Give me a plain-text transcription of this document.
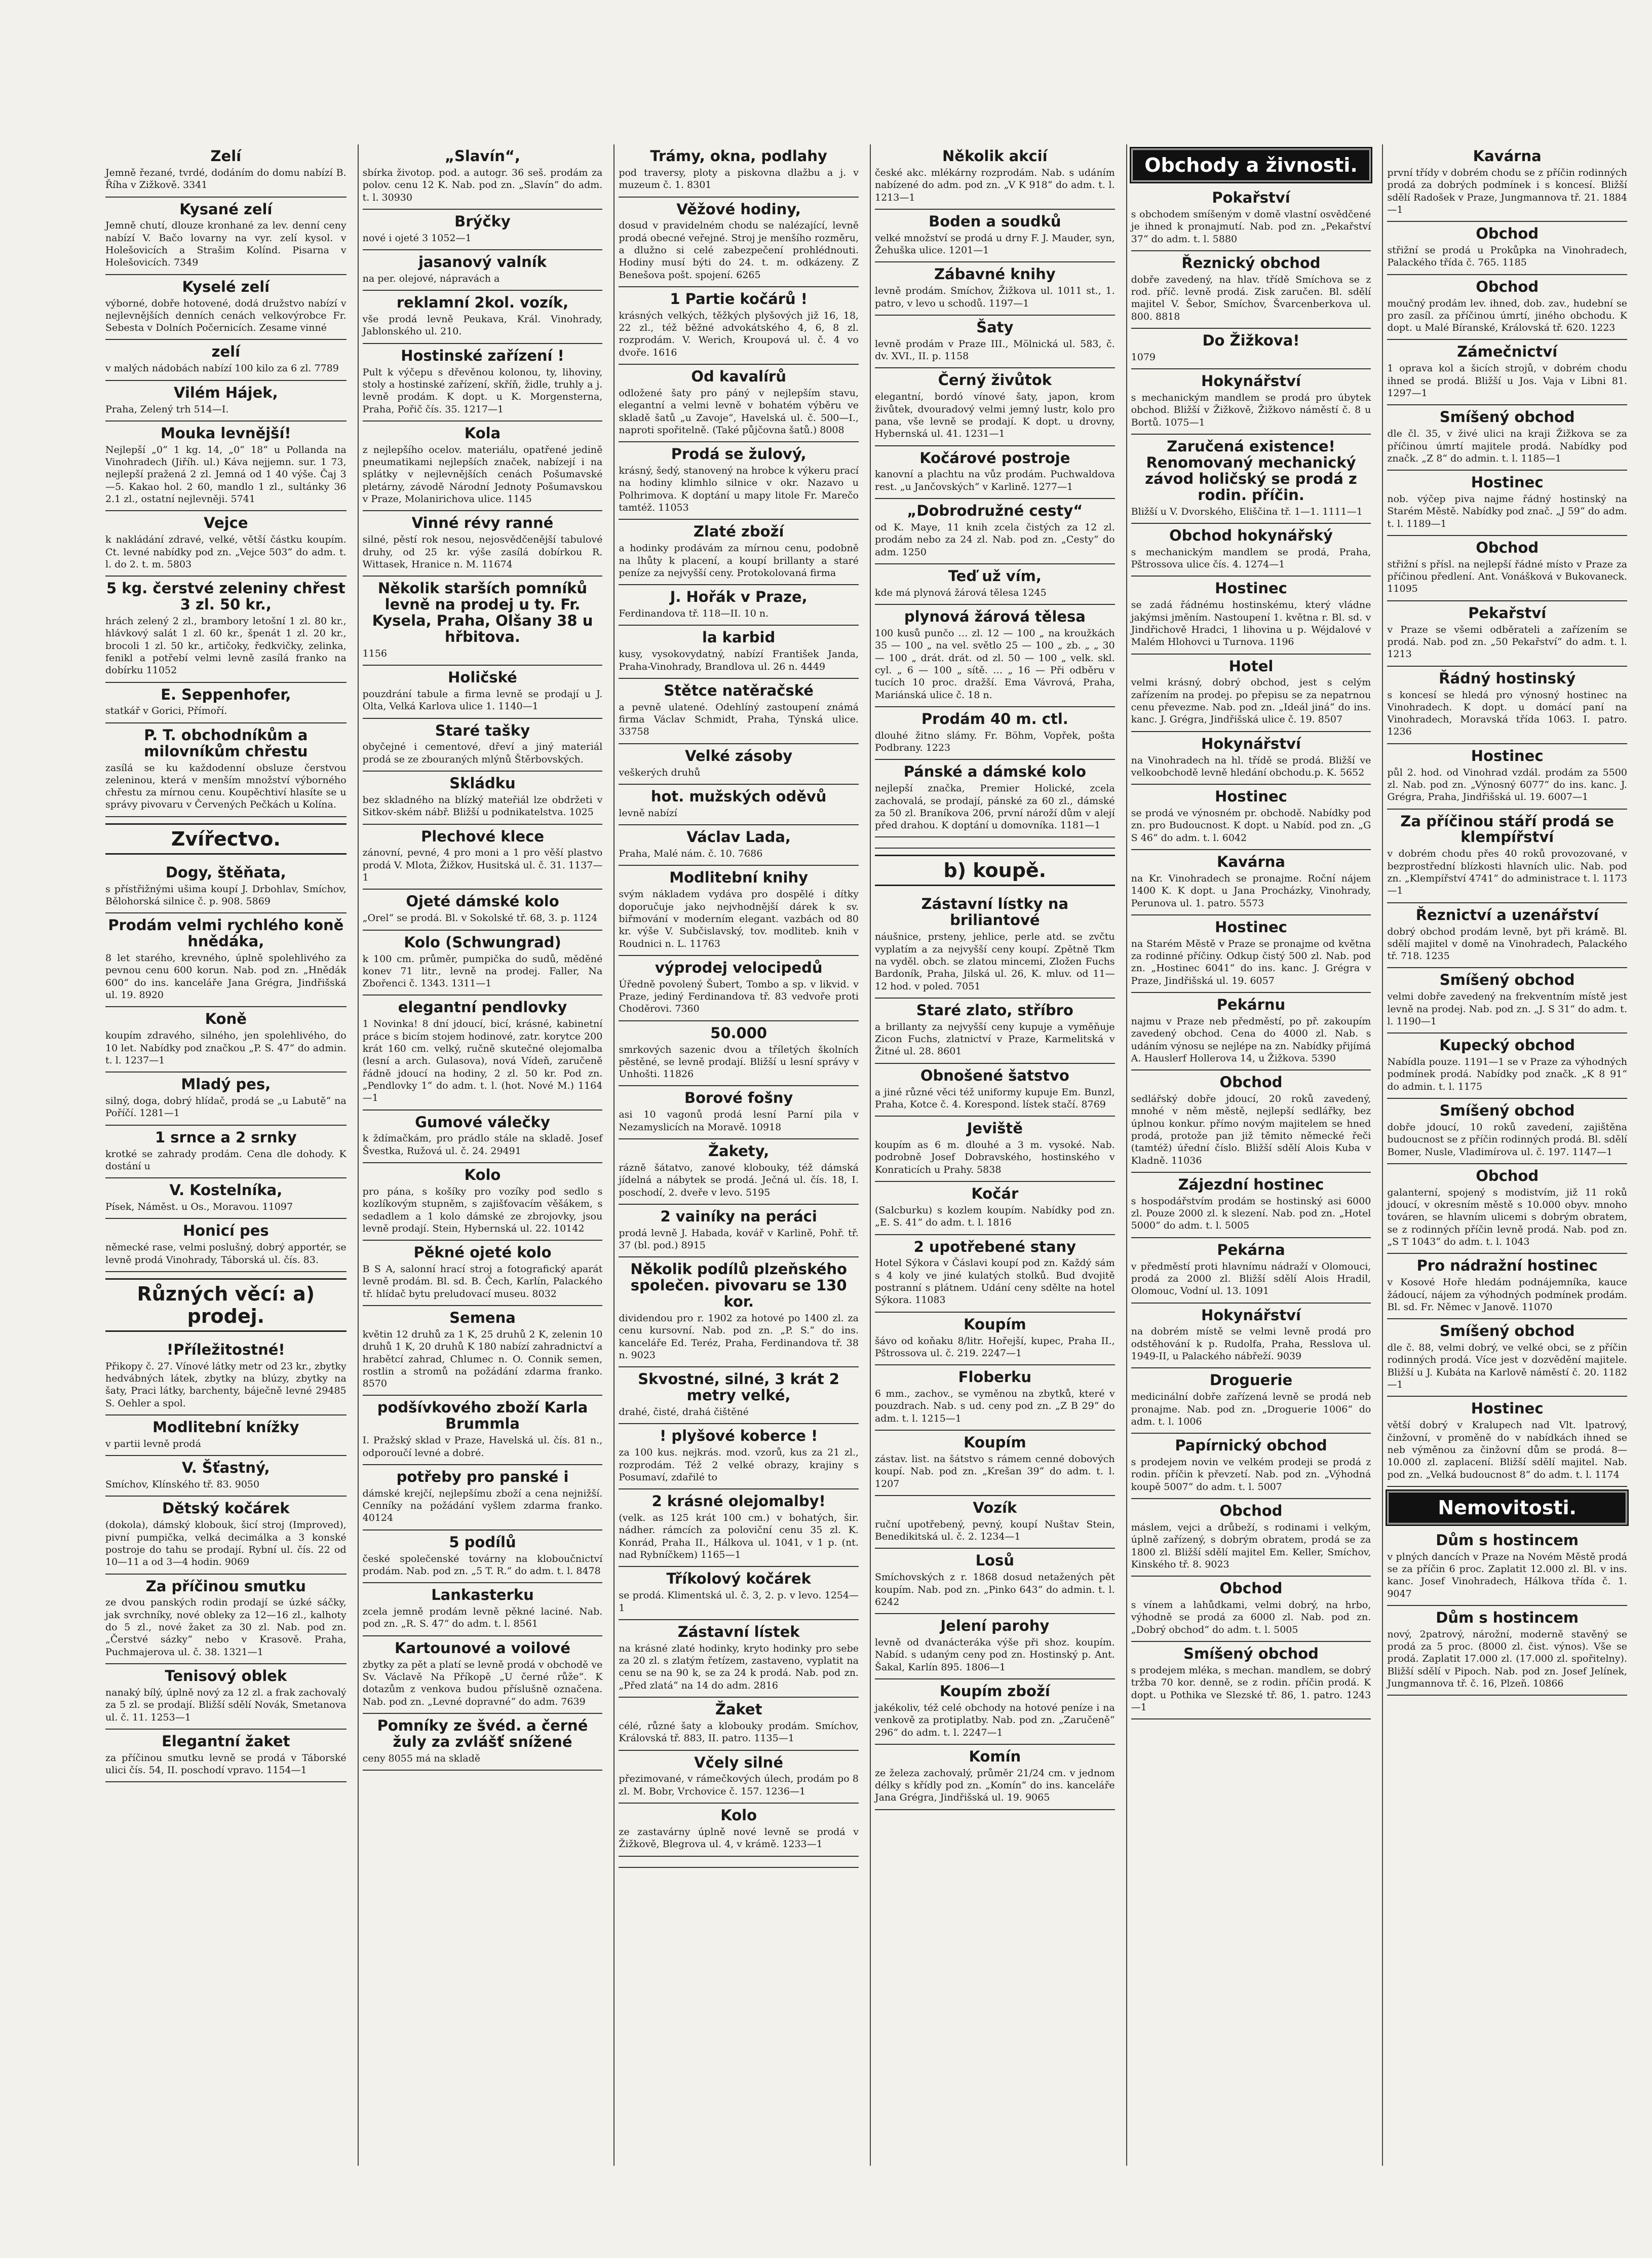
Zelí

Jemně řezané, tvrdé, dodáním do domu nabízí B. Říha v Zižkově. 3341

Kysané zelí

Jemně chutí, dlouze kronhané za lev. denní ceny nabízí V. Bačo lovarny na vyr. zelí kysol. v Holešovicích a Strašim Kolínd. Pisarna v Holešovicích. 7349

Kyselé zelí

výborné, dobře hotovené, dodá družstvo nabízí v nejlevnějších denních cenách velkovýrobce Fr. Sebesta v Dolních Počernicích. Zesame vinné

zelí

v malých nádobách nabízí 100 kilo za 6 zl. 7789

Vilém Hájek,

Praha, Zelený trh 514—I.

Mouka levnější!

Nejlepší „0“ 1 kg. 14, „0“ 18“ u Pollanda na Vinohradech (Jiříh. ul.) Káva nejjemn. sur. 1 73, nejlepší pražená 2 zl. Jemná od 1 40 výše. Čaj 3—5. Kakao hol. 2 60, mandlo 1 zl., sultánky 36 2.1 zl., ostatní nejlevněji. 5741

Vejce

k nakládání zdravé, velké, větší částku koupím. Ct. levné nabídky pod zn. „Vejce 503“ do adm. t. l. do 2. t. m. 5803

5 kg. čerstvé zeleniny chřest 3 zl. 50 kr.,

hrách zelený 2 zl., brambory letošní 1 zl. 80 kr., hlávkový salát 1 zl. 60 kr., špenát 1 zl. 20 kr., brocoli 1 zl. 50 kr., artičoky, ředkvičky, zelinka, fenikl a potřebí velmi levně zasílá franko na dobírku 11052

E. Seppenhofer,

statkář v Gorici, Přímoří.

P. T. obchodníkům a milovníkům chřestu

zasílá se ku každodenní obsluze čerstvou zeleninou, která v menším množství výborného chřestu za mírnou cenu. Koupěchtiví hlasíte se u správy pivovaru v Červených Pečkách u Kolína.

Zvířectvo.
Dogy, štěňata,

s přístřižnými ušima koupí J. Drbohlav, Smíchov, Bělohorská silnice č. p. 908. 5869

Prodám velmi rychlého koně hnědáka,

8 let starého, krevného, úplně spolehlivého za pevnou cenu 600 korun. Nab. pod zn. „Hnědák 600“ do ins. kanceláře Jana Grégra, Jindřišská ul. 19. 8920

Koně

koupím zdravého, silného, jen spolehlivého, do 10 let. Nabídky pod značkou „P. S. 47“ do admin. t. l. 1237—1

Mladý pes,

silný, doga, dobrý hlídač, prodá se „u Labutě“ na Poříčí. 1281—1

1 srnce a 2 srnky

krotké se zahrady prodám. Cena dle dohody. K dostání u

V. Kostelníka,

Písek, Náměst. u Os., Moravou. 11097

Honicí pes

německé rase, velmi poslušný, dobrý apportér, se levně prodá Vinohrady, Táborská ul. čís. 83.

Různých věcí: a) prodej.
!Příležitostné!

Přikopy č. 27. Vínové látky metr od 23 kr., zbytky hedvábných látek, zbytky na blúzy, zbytky na šaty, Praci látky, barchenty, báječně levné 29485 S. Oehler a spol.

Modlitební knížky

v partii levně prodá

V. Šťastný,

Smíchov, Klínského tř. 83. 9050

Dětský kočárek

(dokola), dámský klobouk, šicí stroj (Improved), pivní pumpička, velká decimálka a 3 konské postroje do tahu se prodají. Rybní ul. čís. 22 od 10—11 a od 3—4 hodin. 9069

Za příčinou smutku

ze dvou panských rodin prodají se úzké sáčky, jak svrchníky, nové obleky za 12—16 zl., kalhoty do 5 zl., nové žaket za 30 zl. Nab. pod zn. „Čerstvé sázky“ nebo v Krasově. Praha, Puchmajerova ul. č. 38. 1321—1

Tenisový oblek

nanaký bílý, úplně nový za 12 zl. a frak zachovalý za 5 zl. se prodají. Bližší sdělí Novák, Smetanova ul. č. 11. 1253—1

Elegantní žaket

za příčinou smutku levně se prodá v Táborské ulici čís. 54, II. poschodí vpravo. 1154—1

„Slavín“,

sbírka životop. pod. a autogr. 36 seš. prodám za polov. cenu 12 K. Nab. pod zn. „Slavín“ do adm. t. l. 30930

Brýčky

nové i ojeté 3 1052—1

jasanový valník

na per. olejové, nápravách a

reklamní 2kol. vozík,

vše prodá levně Peukava, Král. Vinohrady, Jablonského ul. 210.

Hostinské zařízení !

Pult k výčepu s dřevěnou kolonou, ty, lihoviny, stoly a hostinské zařízení, skříň, židle, truhly a j. levně prodám. K dopt. u K. Morgensterna, Praha, Pořič čís. 35. 1217—1

Kola

z nejlepšího ocelov. materiálu, opatřené jedině pneumatikami nejlepších značek, nabízejí i na splátky v nejlevnějších cenách Pošumavské pletárny, závodě Národní Jednoty Pošumavskou v Praze, Molanirichova ulice. 1145

Vinné révy ranné

silné, pěstí rok nesou, nejosvědčenější tabulové druhy, od 25 kr. výše zasílá dobírkou R. Wittasek, Hranice n. M. 11674

Několik starších pomníků levně na prodej u ty. Fr. Kysela, Praha, Olšany 38 u hřbitova.

1156

Holičské

pouzdrání tabule a firma levně se prodají u J. Olta, Velká Karlova ulice 1. 1140—1

Staré tašky

obyčejné i cementové, dřeví a jiný materiál prodá se ze zbouraných mlýnů Štěrbovských.

Skládku

bez skladného na blízký mateřiál lze obdržeti v Sitkov-ském nábř. Bližší u podnikatelstva. 1025

Plechové klece

zánovní, pevné, 4 pro moni a 1 pro věší plastvo prodá V. Mlota, Žižkov, Husitská ul. č. 31. 1137—1

Ojeté dámské kolo

„Orel“ se prodá. Bl. v Sokolské tř. 68, 3. p. 1124

Kolo (Schwungrad)

k 100 cm. průměr, pumpička do sudů, měděné konev 71 litr., levně na prodej. Faller, Na Zbořenci č. 1343. 1311—1

elegantní pendlovky

1 Novinka! 8 dní jdoucí, bicí, krásné, kabinetní práce s bicím stojem hodinové, zatr. korytce 200 krát 160 cm. velký, ručně skutečné olejomalba (lesní a arch. Gulasova), nová Vídeň, zaručeně řádně jdoucí na hodiny, 2 zl. 50 kr. Pod zn. „Pendlovky 1“ do adm. t. l. (hot. Nové M.) 1164—1

Gumové válečky

k ždímačkám, pro prádlo stále na skladě. Josef Švestka, Ružová ul. č. 24. 29491

Kolo

pro pána, s košíky pro vozíky pod sedlo s kozlíkovým stupněm, s zajišťovacím věšákem, s sedadlem a 1 kolo dámské ze zbrojovky, jsou levně prodají. Stein, Hybernská ul. 22. 10142

Pěkné ojeté kolo

B S A, salonní hrací stroj a fotografický aparát levně prodám. Bl. sd. B. Čech, Karlín, Palackého tř. hlídač bytu preludovací museu. 8032

Semena

květin 12 druhů za 1 K, 25 druhů 2 K, zelenin 10 druhů 1 K, 20 druhů K 180 nabízí zahradnictví a hrabětcí zahrad, Chlumec n. O. Connik semen, rostlin a stromů na požádání zdarma franko. 8570

podšívkového zboží Karla Brummla

I. Pražský sklad v Praze, Havelská ul. čís. 81 n., odporoučí levné a dobré.

potřeby pro panské i

dámské krejčí, nejlepšímu zboží a cena nejnižší. Cenníky na požádání vyšlem zdarma franko. 40124

5 podílů

české společenské továrny na kloboučnictví prodám. Nab. pod zn. „5 T. R.“ do adm. t. l. 8478

Lankasterku

zcela jemně prodám levně pěkné laciné. Nab. pod zn. „R. S. 47“ do adm. t. l. 8561

Kartounové a voilové

zbytky za pět a platí se levně prodá v obchodě ve Sv. Václavě Na Příkopě „U černé růže“. K dotazům z venkova budou příslušně označena. Nab. pod zn. „Levné dopravné“ do adm. 7639

Pomníky ze švéd. a černé žuly za zvlášť snížené

ceny 8055 má na skladě

Trámy, okna, podlahy

pod traversy, ploty a piskovna dlažbu a j. v muzeum č. 1. 8301

Věžové hodiny,

dosud v pravidelném chodu se nalézající, levně prodá obecné veřejné. Stroj je menšího rozměru, a dlužno si celé zabezpečení prohlédnouti. Hodiny musí býti do 24. t. m. odkázeny. Z Benešova pošt. spojení. 6265

1 Partie kočárů !

krásných velkých, těžkých plyšových již 16, 18, 22 zl., též běžné advokátského 4, 6, 8 zl. rozprodám. V. Werich, Kroupová ul. č. 4 vo dvoře. 1616

Od kavalírů

odložené šaty pro páný v nejlepším stavu, elegantní a velmi levně v bohatém výběru ve skladě šatů „u Zavoje“, Havelská ul. č. 500—I., naproti spořitelně. (Také půjčovna šatů.) 8008

Prodá se žulový,

krásný, šedý, stanovený na hrobce k výkeru prací na hodiny klimhlo silnice v okr. Nazavo u Polhrimova. K doptání u mapy litole Fr. Marečo tamtéž. 11053

Zlaté zboží

a hodinky prodávám za mírnou cenu, podobně na lhůty k placení, a koupí brillanty a staré peníze za nejvyšší ceny. Protokolovaná firma

J. Hořák v Praze,

Ferdinandova tř. 118—II. 10 n.

la karbid

kusy, vysokovydatný, nabízí František Janda, Praha-Vinohrady, Brandlova ul. 26 n. 4449

Stětce natěračské

a pevně ulatené. Odehlíný zastoupení známá firma Václav Schmidt, Praha, Týnská ulice. 33758

Velké zásoby

veškerých druhů

hot. mužských oděvů

levně nabízí

Václav Lada,

Praha, Malé nám. č. 10. 7686

Modlitební knihy

svým nákladem vydáva pro dospělé i dítky doporučuje jako nejvhodnější dárek k sv. biřmování v moderním elegant. vazbách od 80 kr. výše V. Subčislavský, tov. modliteb. knih v Roudnici n. L. 11763

výprodej velocipedů

Úředně povolený Šubert, Tombo a sp. v likvid. v Praze, jediný Ferdinandova tř. 83 vedvoře proti Choděrovi. 7360

50.000

smrkových sazenic dvou a tříletých školních pěstěné, se levně prodají. Bližší u lesní správy v Unhošti. 11826

Borové fošny

asi 10 vagonů prodá lesní Parní pila v Nezamyslicích na Moravě. 10918

Žakety,

rázně šátatvo, zanové klobouky, též dámská jídelná a nábytek se prodá. Ječná ul. čís. 18, I. poschodí, 2. dveře v levo. 5195

2 vainíky na peráci

prodá levně J. Habada, kovář v Karlině, Pohř. tř. 37 (bl. pod.) 8915

Několik podílů plzeňského společen. pivovaru se 130 kor.

dividendou pro r. 1902 za hotové po 1400 zl. za cenu kursovní. Nab. pod zn. „P. S.“ do ins. kanceláře Ed. Teréz, Praha, Ferdinandova tř. 38 n. 9023

Skvostné, silné, 3 krát 2 metry velké,

drahé, čisté, drahá čištěné

! plyšové koberce !

za 100 kus. nejkrás. mod. vzorů, kus za 21 zl., rozprodám. Též 2 velké obrazy, krajiny s Posumaví, zdařilé to

2 krásné olejomalby!

(velk. as 125 krát 100 cm.) v bohatých, šir. nádher. rámcích za poloviční cenu 35 zl. K. Konrád, Praha II., Hálkova ul. 1041, v 1 p. (nt. nad Rybníčkem) 1165—1

Tříkolový kočárek

se prodá. Klimentská ul. č. 3, 2. p. v levo. 1254—1

Zástavní lístek

na krásné zlaté hodinky, kryto hodinky pro sebe za 20 zl. s zlatým řetízem, zastaveno, vyplatit na cenu se na 90 k, se za 24 k prodá. Nab. pod zn. „Před zlatá“ na 14 do adm. 2816

Žaket

célé, různé šaty a klobouky prodám. Smíchov, Královská tř. 883, II. patro. 1135—1

Včely silné

přezimované, v rámečkových úlech, prodám po 8 zl. M. Bobr, Vrchovice č. 157. 1236—1

Kolo

ze zastavárny úplně nové levně se prodá v Žižkově, Blegrova ul. 4, v krámě. 1233—1

Několik akcií

české akc. mlékárny rozprodám. Nab. s udáním nabízené do adm. pod zn. „V K 918“ do adm. t. l. 1213—1

Boden a soudků

velké množství se prodá u drny F. J. Mauder, syn, Žehuška ulice. 1201—1

Zábavné knihy

levně prodám. Smíchov, Žižkova ul. 1011 st., 1. patro, v levo u schodů. 1197—1

Šaty

levně prodám v Praze III., Mölnická ul. 583, č. dv. XVI., II. p. 1158

Černý živůtok

elegantní, bordó vínové šaty, japon, krom živůtek, dvouradový velmi jemný lustr, kolo pro pana, vše levně se prodají. K dopt. u drovny, Hybernská ul. 41. 1231—1

Kočárové postroje

kanovní a plachtu na vůz prodám. Puchwaldova rest. „u Jančovských“ v Karlině. 1277—1

„Dobrodružné cesty“

od K. Maye, 11 knih zcela čistých za 12 zl. prodám nebo za 24 zl. Nab. pod zn. „Cesty“ do adm. 1250

Teď už vím,

kde má plynová žárová tělesa 1245

plynová žárová tělesa

100 kusů punčo … zl. 12 — 100 „ na kroužkách 35 — 100 „ na vel. světlo 25 — 100 „ zb. „ „ 30 — 100 „ drát. drát. od zl. 50 — 100 „ velk. skl. cyl. „ 6 — 100 „ sítě. … „ 16 — Při odběru v tucích 10 proc. dražší. Ema Vávrová, Praha, Mariánská ulice č. 18 n.

Prodám 40 m. ctl.

dlouhé žitno slámy. Fr. Böhm, Vopřek, pošta Podbrany. 1223

Pánské a dámské kolo

nejlepší značka, Premier Holické, zcela zachovalá, se prodají, pánské za 60 zl., dámské za 50 zl. Braníkova 206, první nároží dům v alejí před drahou. K doptání u domovníka. 1181—1

b) koupě.
Zástavní lístky na briliantové

náušnice, prsteny, jehlice, perle atd. se zvčtu vyplatím a za nejvyšší ceny koupí. Zpětně Tkm na vyděl. obch. se zlatou mincemi, Zložen Fuchs Bardoník, Praha, Jilská ul. 26, K. mluv. od 11—12 hod. v poled. 7051

Staré zlato, stříbro

a brillanty za nejvyšší ceny kupuje a vyměňuje Zicon Fuchs, zlatnictví v Praze, Karmelitská v Žitné ul. 28. 8601

Obnošené šatstvo

a jiné různé věci též uniformy kupuje Em. Bunzl, Praha, Kotce č. 4. Korespond. lístek stačí. 8769

Jeviště

koupím as 6 m. dlouhé a 3 m. vysoké. Nab. podrobně Josef Dobravského, hostinského v Konraticích u Prahy. 5838

Kočár

(Salcburku) s kozlem koupím. Nabídky pod zn. „E. S. 41“ do adm. t. l. 1816

2 upotřebené stany

Hotel Sýkora v Čáslavi koupí pod zn. Každý sám s 4 koly ve jiné kulatých stolků. Bud dvojitě postranní s plátnem. Udání ceny sdělte na hotel Sýkora. 11083

Koupím

šávo od koňaku 8/litr. Hořejší, kupec, Praha II., Pštrossova ul. č. 219. 2247—1

Floberku

6 mm., zachov., se vyměnou na zbytků, které v pouzdrach. Nab. s ud. ceny pod zn. „Z B 29“ do adm. t. l. 1215—1

Koupím

zástav. list. na šátstvo s rámem cenné dobových koupí. Nab. pod zn. „Krešan 39“ do adm. t. l. 1207

Vozík

ruční upotřebený, pevný, koupí Nuštav Stein, Benedikitská ul. č. 2. 1234—1

Losů

Smíchovských z r. 1868 dosud netažených pět koupím. Nab. pod zn. „Pinko 643“ do admin. t. l. 6242

Jelení parohy

levně od dvanácteráka výše při shoz. koupím. Nabíd. s udaným ceny pod zn. Hostinský p. Ant. Šakal, Karlín 895. 1806—1

Koupím zboží

jakékoliv, též celé obchody na hotové peníze i na venkově za protiplatby. Nab. pod zn. „Zaručeně“ 296“ do adm. t. l. 2247—1

Komín

ze železa zachovalý, průměr 21/24 cm. v jednom délky s křídly pod zn. „Komín“ do ins. kanceláře Jana Grégra, Jindřišská ul. 19. 9065

Obchody a živnosti.
Pokařství

s obchodem smíšeným v domě vlastní osvědčené je ihned k pronajmutí. Nab. pod zn. „Pekařství 37“ do adm. t. l. 5880

Řeznický obchod

dobře zavedený, na hlav. třídě Smíchova se z rod. příč. levně prodá. Zisk zaručen. Bl. sdělí majitel V. Šebor, Smíchov, Švarcenberkova ul. 800. 8818

Do Žižkova!

1079

Hokynářství

s mechanickým mandlem se prodá pro úbytek obchod. Bližší v Žižkově, Žižkovo náměstí č. 8 u Bortů. 1075—1

Zaručená existence! Renomovaný mechanický závod holičský se prodá z rodin. příčin.

Bližší u V. Dvorského, Eliščina tř. 1—1. 1111—1

Obchod hokynářský

s mechanickým mandlem se prodá, Praha, Pštrossova ulice čís. 4. 1274—1

Hostinec

se zadá řádnému hostinskému, který vládne jakýmsi jměním. Nastoupení 1. května r. Bl. sd. v Jindřichově Hradci, 1 lihovina u p. Wéjdalové v Malém Hlohovci u Turnova. 1196

Hotel

velmi krásný, dobrý obchod, jest s celým zařízením na prodej. po přepisu se za nepatrnou cenu převezme. Nab. pod zn. „Ideál jiná“ do ins. kanc. J. Grégra, Jindřišská ulice č. 19. 8507

Hokynářství

na Vinohradech na hl. třídě se prodá. Bližší ve velkoobchodě levně hledání obchodu.p. K. 5652

Hostinec

se prodá ve výnosném pr. obchodě. Nabídky pod zn. pro Budoucnost. K dopt. u Nabíd. pod zn. „G S 46“ do adm. t. l. 6042

Kavárna

na Kr. Vinohradech se pronajme. Roční nájem 1400 K. K dopt. u Jana Procházky, Vinohrady, Perunova ul. 1. patro. 5573

Hostinec

na Starém Městě v Praze se pronajme od května za rodinné příčiny. Odkup čistý 500 zl. Nab. pod zn. „Hostinec 6041“ do ins. kanc. J. Grégra v Praze, Jindřišská ul. 19. 6057

Pekárnu

najmu v Praze neb předměstí, po př. zakoupím zavedený obchod. Cena do 4000 zl. Nab. s udáním výnosu se nejlépe na zn. Nabídky přijímá A. Hauslerf Hollerova 14, u Žižkova. 5390

Obchod

sedlářský dobře jdoucí, 20 roků zavedený, mnohé v něm městě, nejlepší sedlářky, bez úplnou konkur. přímo novým majitelem se hned prodá, protože pan již těmito německé řeči (tamtéž) úřední číslo. Bližší sdělí Alois Kuba v Kladně. 11036

Zájezdní hostinec

s hospodářstvím prodám se hostinský asi 6000 zl. Pouze 2000 zl. k slezení. Nab. pod zn. „Hotel 5000“ do adm. t. l. 5005

Pekárna

v předměstí proti hlavnímu nádraží v Olomouci, prodá za 2000 zl. Bližší sdělí Alois Hradil, Olomouc, Vodní ul. 13. 1091

Hokynářství

na dobrém místě se velmi levně prodá pro odstěhování k p. Rudolfa, Praha, Resslova ul. 1949-II, u Palackého nábřeží. 9039

Droguerie

medicinální dobře zařízená levně se prodá neb pronajme. Nab. pod zn. „Droguerie 1006“ do adm. t. l. 1006

Papírnický obchod

s prodejem novin ve velkém prodeji se prodá z rodin. příčin k převzetí. Nab. pod zn. „Výhodná koupě 5007“ do adm. t. l. 5007

Obchod

máslem, vejci a drůbeží, s rodinami i velkým, úplně zařízený, s dobrým obratem, prodá se za 1800 zl. Bližší sdělí majitel Em. Keller, Smíchov, Kinského tř. 8. 9023

Obchod

s vínem a lahůdkami, velmi dobrý, na hrbo, výhodně se prodá za 6000 zl. Nab. pod zn. „Dobrý obchod“ do adm. t. l. 5005

Smíšený obchod

s prodejem mléka, s mechan. mandlem, se dobrý tržba 70 kor. denně, se z rodin. příčin prodá. K dopt. u Pothika ve Slezské tř. 86, 1. patro. 1243—1

Kavárna

první třídy v dobrém chodu se z příčin rodinných prodá za dobrých podmínek i s koncesí. Bližší sdělí Radošek v Praze, Jungmannova tř. 21. 1884—1

Obchod

střižní se prodá u Prokůpka na Vinohradech, Palackého třída č. 765. 1185

Obchod

moučný prodám lev. ihned, dob. zav., hudební se pro zasíl. za příčinou úmrtí, jiného obchodu. K dopt. u Malé Bíranské, Královská tř. 620. 1223

Zámečnictví

1 oprava kol a šicích strojů, v dobrém chodu ihned se prodá. Bližší u Jos. Vaja v Libni 81. 1297—1

Smíšený obchod

dle čl. 35, v živé ulici na kraji Žižkova se za příčinou úmrtí majitele prodá. Nabídky pod značk. „Z 8“ do admin. t. l. 1185—1

Hostinec

nob. výčep piva najme řádný hostinský na Starém Městě. Nabídky pod znač. „J 59“ do adm. t. l. 1189—1

Obchod

střižní s přísl. na nejlepší řádné místo v Praze za příčinou předlení. Ant. Vonášková v Bukovaneck. 11095

Pekařství

v Praze se všemi odběrateli a zařízením se prodá. Nab. pod zn. „50 Pekařství“ do adm. t. l. 1213

Řádný hostinský

s koncesí se hledá pro výnosný hostinec na Vinohradech. K dopt. u domácí paní na Vinohradech, Moravská třída 1063. I. patro. 1236

Hostinec

půl 2. hod. od Vinohrad vzdál. prodám za 5500 zl. Nab. pod zn. „Výnosný 6077“ do ins. kanc. J. Grégra, Praha, Jindřišská ul. 19. 6007—1

Za příčinou stáří prodá se klempířství

v dobrém chodu přes 40 roků provozované, v bezprostřední blízkosti hlavních ulic. Nab. pod zn. „Klempířství 4741“ do administrace t. l. 1173—1

Řeznictví a uzenářství

dobrý obchod prodám levně, byt při krámě. Bl. sdělí majitel v domě na Vinohradech, Palackého tř. 718. 1235

Smíšený obchod

velmi dobře zavedený na frekventním místě jest levně na prodej. Nab. pod zn. „J. S 31“ do adm. t. l. 1190—1

Kupecký obchod

Nabídla pouze. 1191—1 se v Praze za výhodných podmínek prodá. Nabídky pod značk. „K 8 91“ do admin. t. l. 1175

Smíšený obchod

dobře jdoucí, 10 roků zavedení, zajištěna budoucnost se z příčin rodinných prodá. Bl. sdělí Bomer, Nusle, Vladimírova ul. č. 197. 1147—1

Obchod

galanterní, spojený s modistvím, již 11 roků jdoucí, v okresním městě s 10.000 obyv. mnoho továren, se hlavním ulicemi s dobrým obratem, se z rodinných příčin levně prodá. Nab. pod zn. „S T 1043“ do adm. t. l. 1043

Pro nádražní hostinec

v Kosové Hoře hledám podnájemníka, kauce žádoucí, nájem za výhodných podmínek prodám. Bl. sd. Fr. Němec v Janově. 11070

Smíšený obchod

dle č. 88, velmi dobrý, ve velké obci, se z příčin rodinných prodá. Více jest v dozvědění majitele. Bližší u J. Kubáta na Karlově náměstí č. 20. 1182—1

Hostinec

větší dobrý v Kralupech nad Vlt. lpatrový, činžovní, v proměně do v nabídkách ihned se neb výměnou za činžovní dům se prodá. 8—10.000 zl. zaplacení. Bližší sdělí majitel. Nab. pod zn. „Velká budoucnost 8“ do adm. t. l. 1174

Nemovitosti.
Dům s hostincem

v plných dancích v Praze na Novém Městě prodá se za příčin 6 proc. Zaplatit 12.000 zl. Bl. v ins. kanc. Josef Vinohradech, Hálkova třída č. 1. 9047

Dům s hostincem

nový, 2patrový, nárožní, moderně stavěný se prodá za 5 proc. (8000 zl. čist. výnos). Vše se prodá. Zaplatit 17.000 zl. (17.000 zl. spořitelny). Bližší sdělí v Pipoch. Nab. pod zn. Josef Jelínek, Jungmannova tř. č. 16, Plzeň. 10866
